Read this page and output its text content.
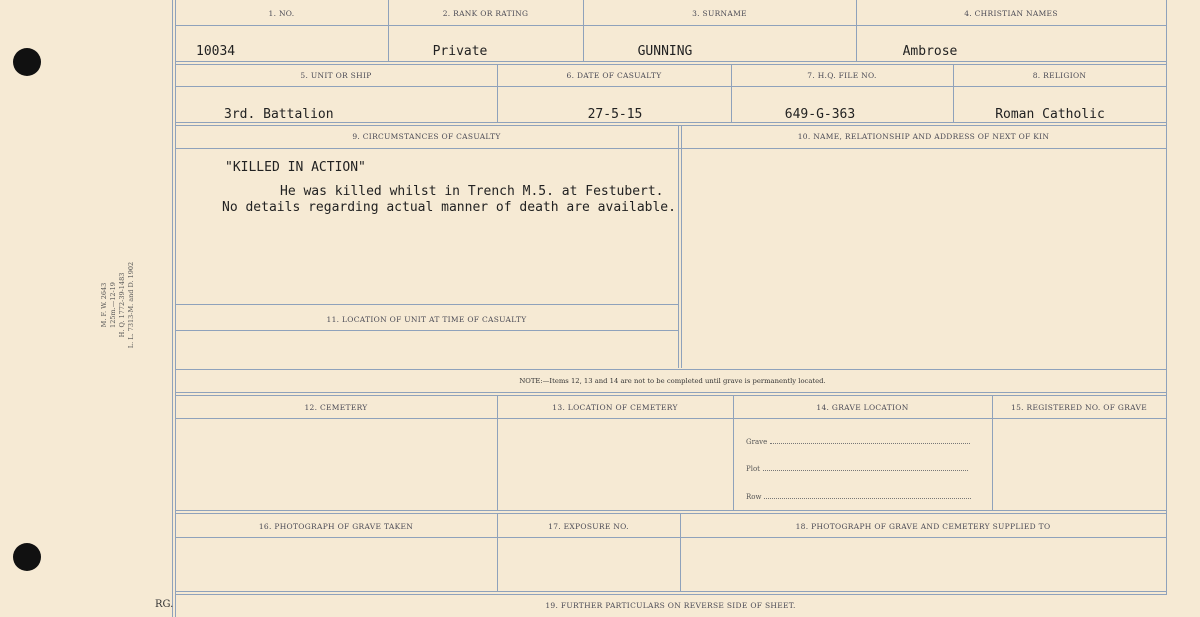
M. F. W. 2643 125m.—12-19 H. Q. 1772-39-1483 L. L. 7313-M. and D. 1902
RG.
1. NO.	2. RANK OR RATING	3. SURNAME	4. CHRISTIAN NAMES
10034	Private	GUNNING	Ambrose
5. UNIT OR SHIP	6. DATE OF CASUALTY	7. H.Q. FILE NO.	8. RELIGION
3rd. Battalion	27-5-15	649-G-363	Roman Catholic
9. CIRCUMSTANCES OF CASUALTY	10. NAME, RELATIONSHIP AND ADDRESS OF NEXT OF KIN
"KILLED IN ACTION"
He was killed whilst in Trench M.5. at Festubert.
No details regarding actual manner of death are available.
11. LOCATION OF UNIT AT TIME OF CASUALTY
NOTE:—Items 12, 13 and 14 are not to be completed until grave is permanently located.
12. CEMETERY	13. LOCATION OF CEMETERY	14. GRAVE LOCATION	15. REGISTERED NO. OF GRAVE
Grave
Plot
Row
16. PHOTOGRAPH OF GRAVE TAKEN	17. EXPOSURE NO.	18. PHOTOGRAPH OF GRAVE AND CEMETERY SUPPLIED TO
19. FURTHER PARTICULARS ON REVERSE SIDE OF SHEET.
